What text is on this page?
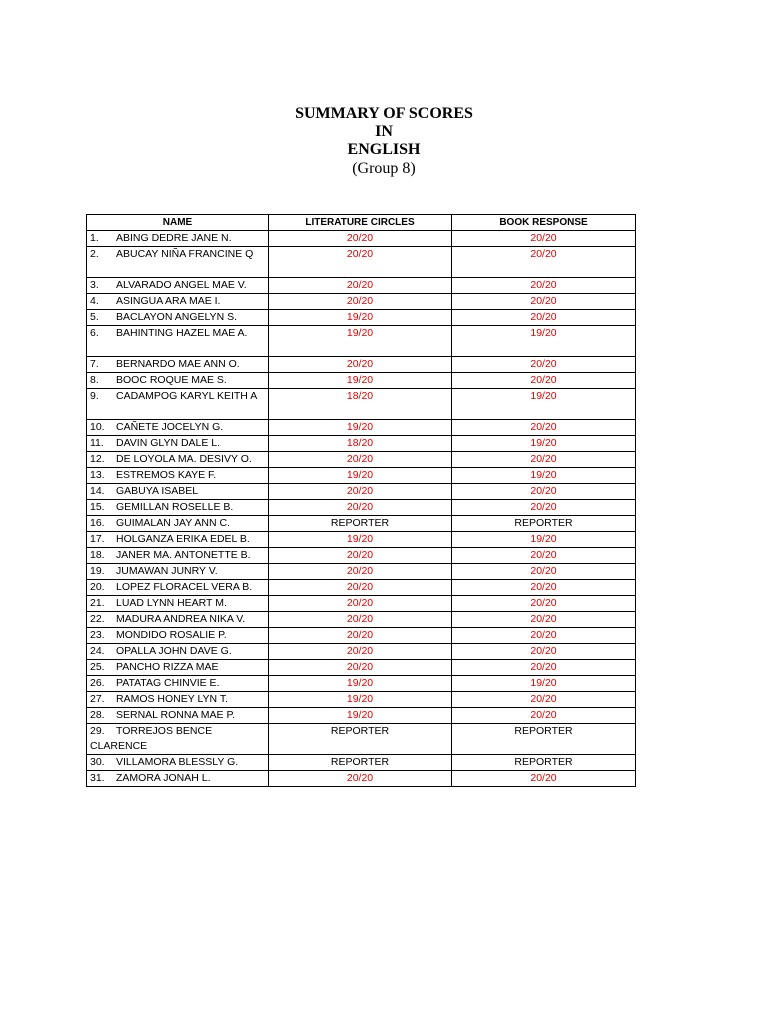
SUMMARY OF SCORES
IN
ENGLISH
(Group 8)
NAME	LITERATURE CIRCLES	BOOK RESPONSE
1. ABING DEDRE JANE N.	20/20	20/20
2. ABUCAY NIÑA FRANCINE Q	20/20	20/20
3. ALVARADO ANGEL MAE V.	20/20	20/20
4. ASINGUA ARA MAE I.	20/20	20/20
5. BACLAYON ANGELYN S.	19/20	20/20
6. BAHINTING HAZEL MAE A.	19/20	19/20
7. BERNARDO MAE ANN O.	20/20	20/20
8. BOOC ROQUE MAE S.	19/20	20/20
9. CADAMPOG KARYL KEITH A	18/20	19/20
10. CAÑETE JOCELYN G.	19/20	20/20
11. DAVIN GLYN DALE L.	18/20	19/20
12. DE LOYOLA MA. DESIVY O.	20/20	20/20
13. ESTREMOS KAYE F.	19/20	19/20
14. GABUYA ISABEL	20/20	20/20
15. GEMILLAN ROSELLE B.	20/20	20/20
16. GUIMALAN JAY ANN C.	REPORTER	REPORTER
17. HOLGANZA ERIKA EDEL B.	19/20	19/20
18. JANER MA. ANTONETTE B.	20/20	20/20
19. JUMAWAN JUNRY V.	20/20	20/20
20. LOPEZ FLORACEL VERA B.	20/20	20/20
21. LUAD LYNN HEART M.	20/20	20/20
22. MADURA ANDREA NIKA V.	20/20	20/20
23. MONDIDO ROSALIE P.	20/20	20/20
24. OPALLA JOHN DAVE G.	20/20	20/20
25. PANCHO RIZZA MAE	20/20	20/20
26. PATATAG CHINVIE E.	19/20	19/20
27. RAMOS HONEY LYN T.	19/20	20/20
28. SERNAL RONNA MAE P.	19/20	20/20
29. TORREJOS BENCE CLARENCE	REPORTER	REPORTER
30. VILLAMORA BLESSLY G.	REPORTER	REPORTER
31. ZAMORA JONAH L.	20/20	20/20
